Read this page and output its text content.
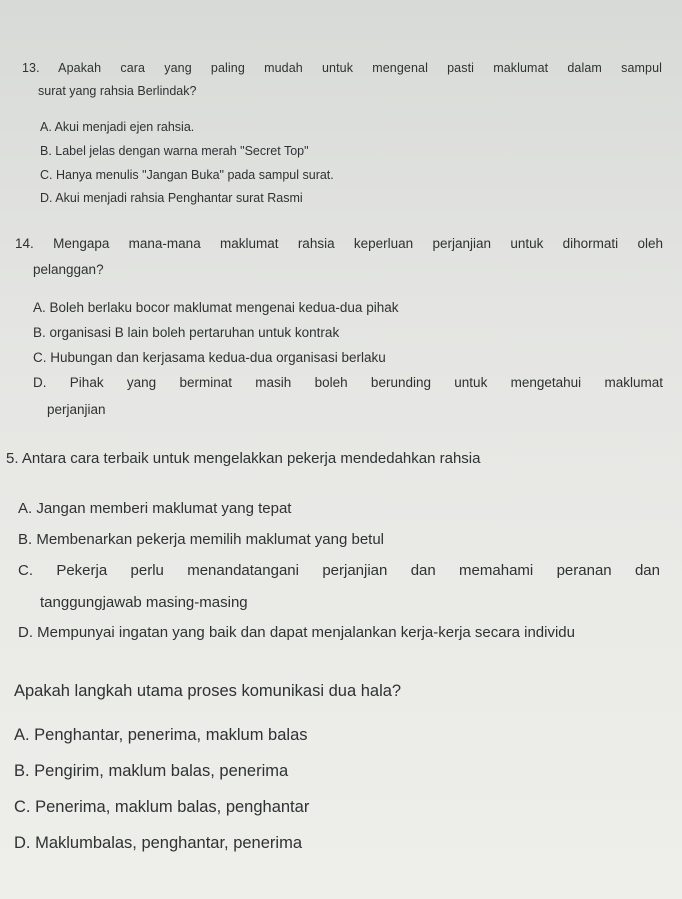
13. Apakah cara yang paling mudah untuk mengenal pasti maklumat dalam sampul
surat yang rahsia Berlindak?
A. Akui menjadi ejen rahsia.
B. Label jelas dengan warna merah "Secret Top"
C. Hanya menulis "Jangan Buka" pada sampul surat.
D. Akui menjadi rahsia Penghantar surat Rasmi
14. Mengapa mana-mana maklumat rahsia keperluan perjanjian untuk dihormati oleh
pelanggan?
A. Boleh berlaku bocor maklumat mengenai kedua-dua pihak
B. organisasi B lain boleh pertaruhan untuk kontrak
C. Hubungan dan kerjasama kedua-dua organisasi berlaku
D. Pihak yang berminat masih boleh berunding untuk mengetahui maklumat
perjanjian
5. Antara cara terbaik untuk mengelakkan pekerja mendedahkan rahsia
A. Jangan memberi maklumat yang tepat
B. Membenarkan pekerja memilih maklumat yang betul
C. Pekerja perlu menandatangani perjanjian dan memahami peranan dan
tanggungjawab masing-masing
D. Mempunyai ingatan yang baik dan dapat menjalankan kerja-kerja secara individu
Apakah langkah utama proses komunikasi dua hala?
A. Penghantar, penerima, maklum balas
B. Pengirim, maklum balas, penerima
C. Penerima, maklum balas, penghantar
D. Maklumbalas, penghantar, penerima
